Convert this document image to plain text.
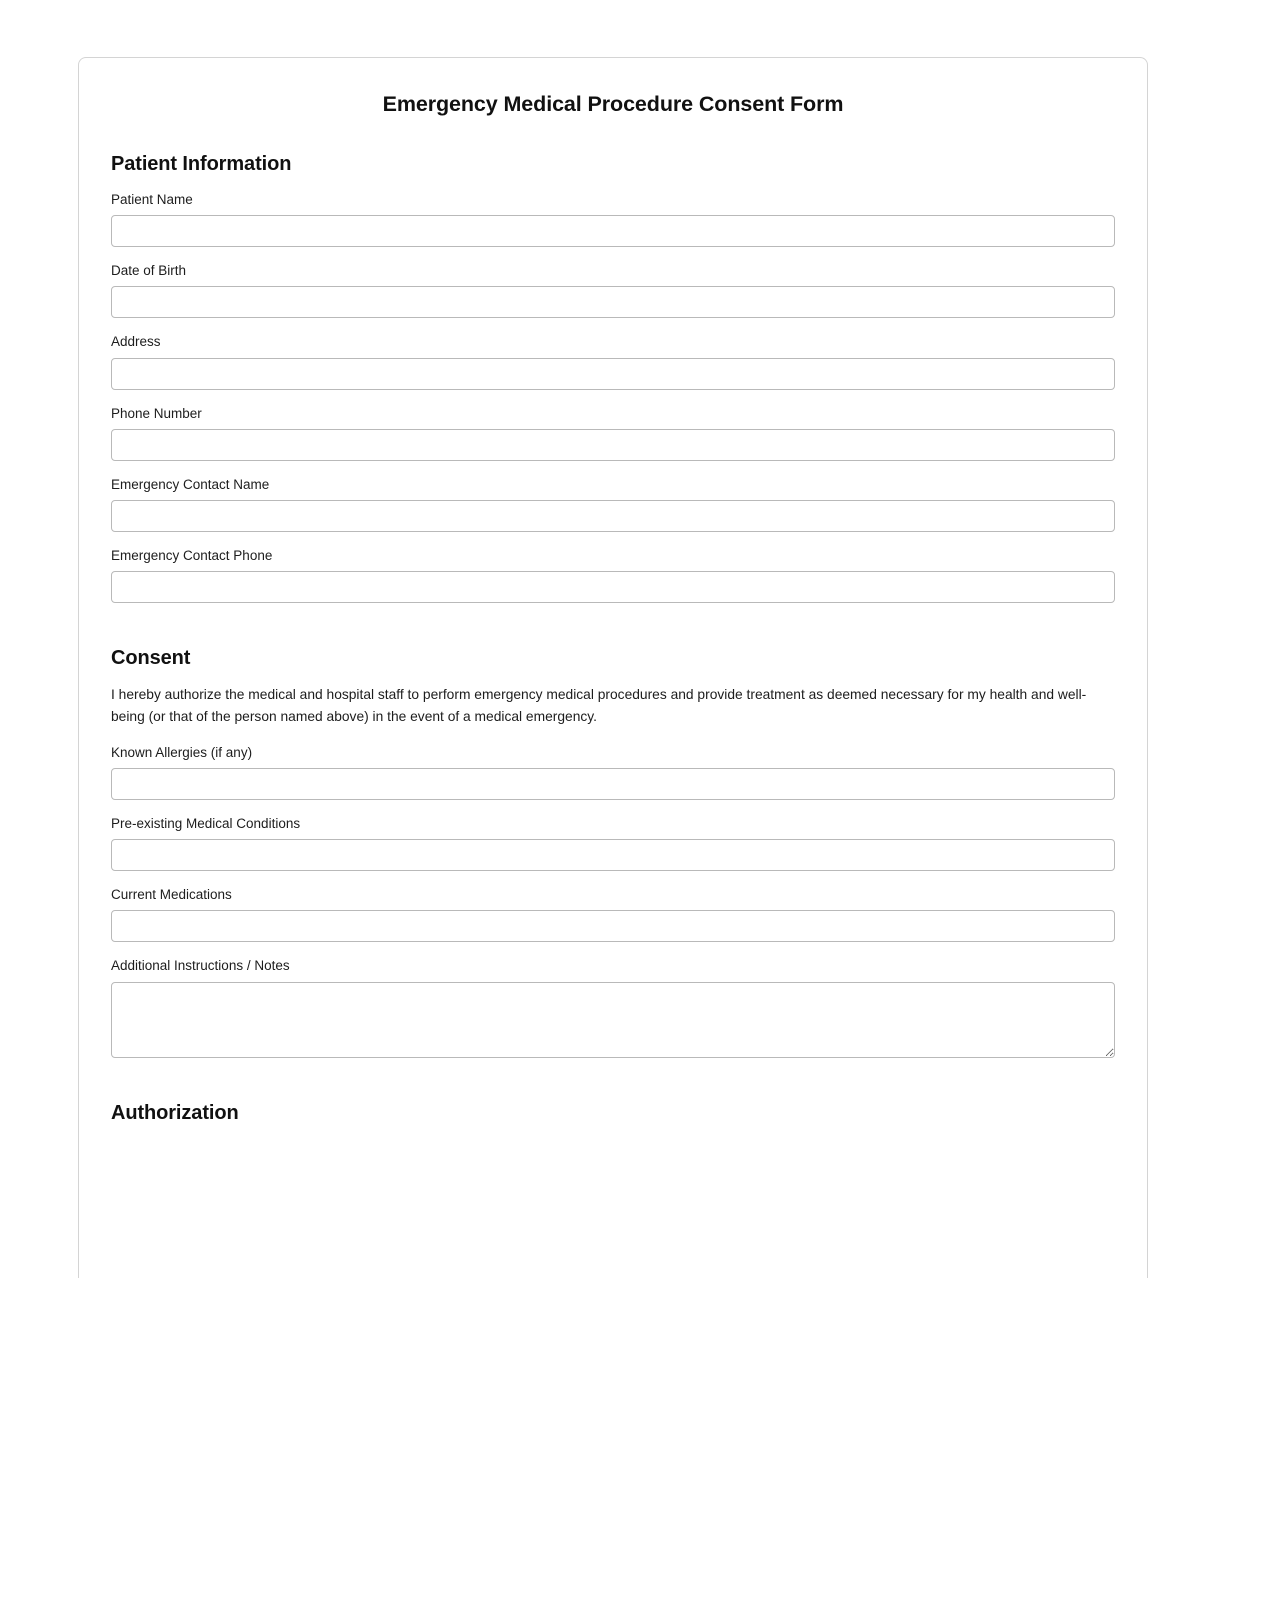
Emergency Medical Procedure Consent Form
Patient Information
Patient Name
Date of Birth
Address
Phone Number
Emergency Contact Name
Emergency Contact Phone
Consent

I hereby authorize the medical and hospital staff to perform emergency medical procedures and provide treatment as deemed necessary for my health and well-being (or that of the person named above) in the event of a medical emergency.

Known Allergies (if any)
Pre-existing Medical Conditions
Current Medications
Additional Instructions / Notes
Authorization
